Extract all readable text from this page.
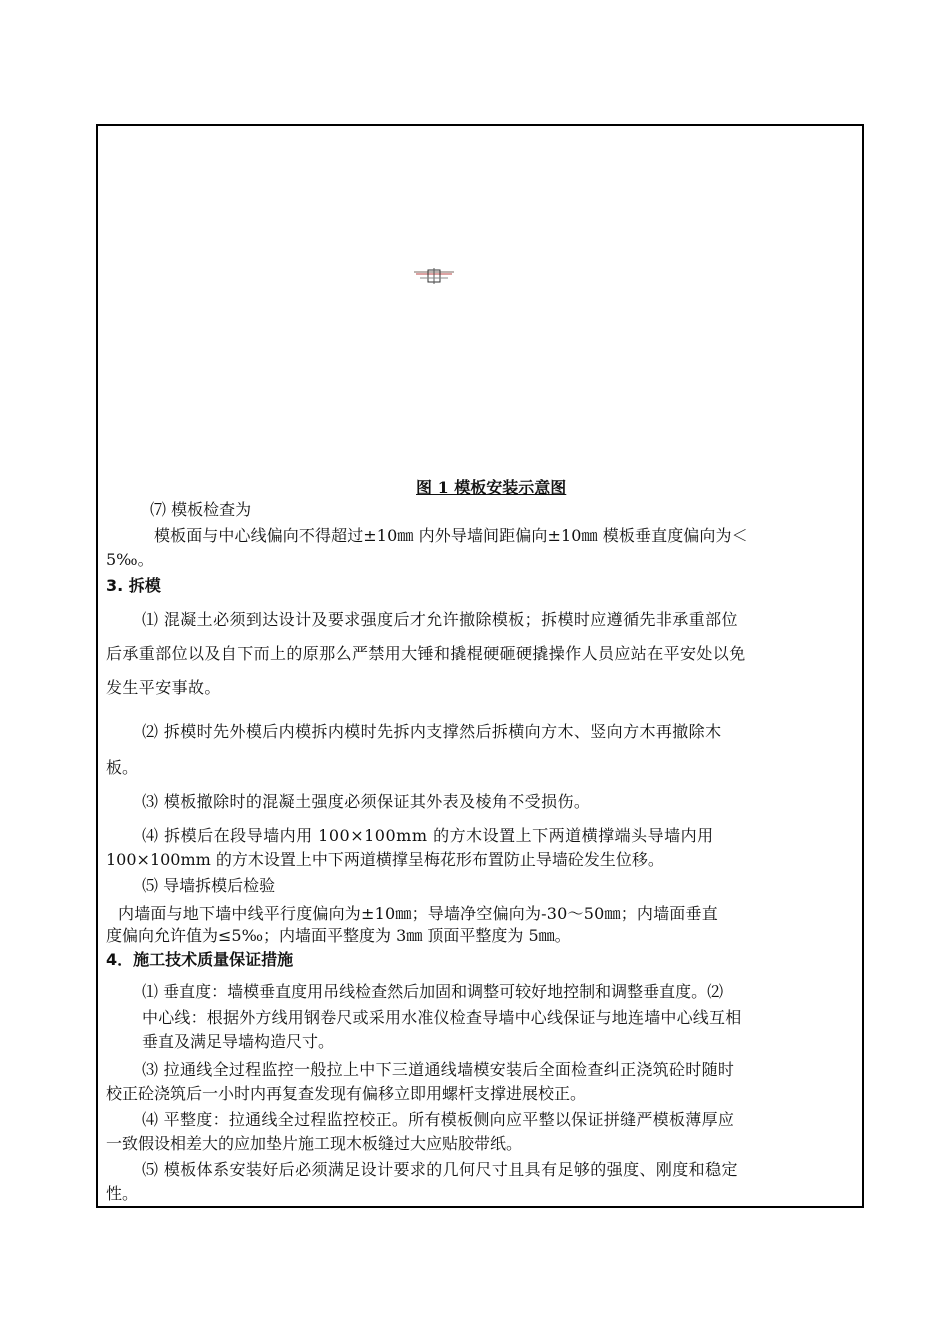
图 1 模板安装示意图
⑺ 模板检查为
模板面与中心线偏向不得超过±10㎜ 内外导墙间距偏向±10㎜ 模板垂直度偏向为＜
5‰。
3. 拆模
⑴ 混凝土必须到达设计及要求强度后才允许撤除模板；拆模时应遵循先非承重部位
后承重部位以及自下而上的原那么严禁用大锤和撬棍硬砸硬撬操作人员应站在平安处以免
发生平安事故。
⑵ 拆模时先外模后内模拆内模时先拆内支撑然后拆横向方木、竖向方木再撤除木
板。
⑶ 模板撤除时的混凝土强度必须保证其外表及棱角不受损伤。
⑷ 拆模后在段导墙内用 100×100mm 的方木设置上下两道横撑端头导墙内用
100×100mm 的方木设置上中下两道横撑呈梅花形布置防止导墙砼发生位移。
⑸ 导墙拆模后检验
内墙面与地下墙中线平行度偏向为±10㎜；导墙净空偏向为-30～50㎜；内墙面垂直
度偏向允许值为≤5‰；内墙面平整度为 3㎜ 顶面平整度为 5㎜。
4．施工技术质量保证措施
⑴ 垂直度：墙模垂直度用吊线检查然后加固和调整可较好地控制和调整垂直度。⑵
中心线：根据外方线用钢卷尺或采用水准仪检查导墙中心线保证与地连墙中心线互相
垂直及满足导墙构造尺寸。
⑶ 拉通线全过程监控一般拉上中下三道通线墙模安装后全面检查纠正浇筑砼时随时
校正砼浇筑后一小时内再复查发现有偏移立即用螺杆支撑进展校正。
⑷ 平整度：拉通线全过程监控校正。所有模板侧向应平整以保证拼缝严模板薄厚应
一致假设相差大的应加垫片施工现木板缝过大应贴胶带纸。
⑸ 模板体系安装好后必须满足设计要求的几何尺寸且具有足够的强度、刚度和稳定
性。
